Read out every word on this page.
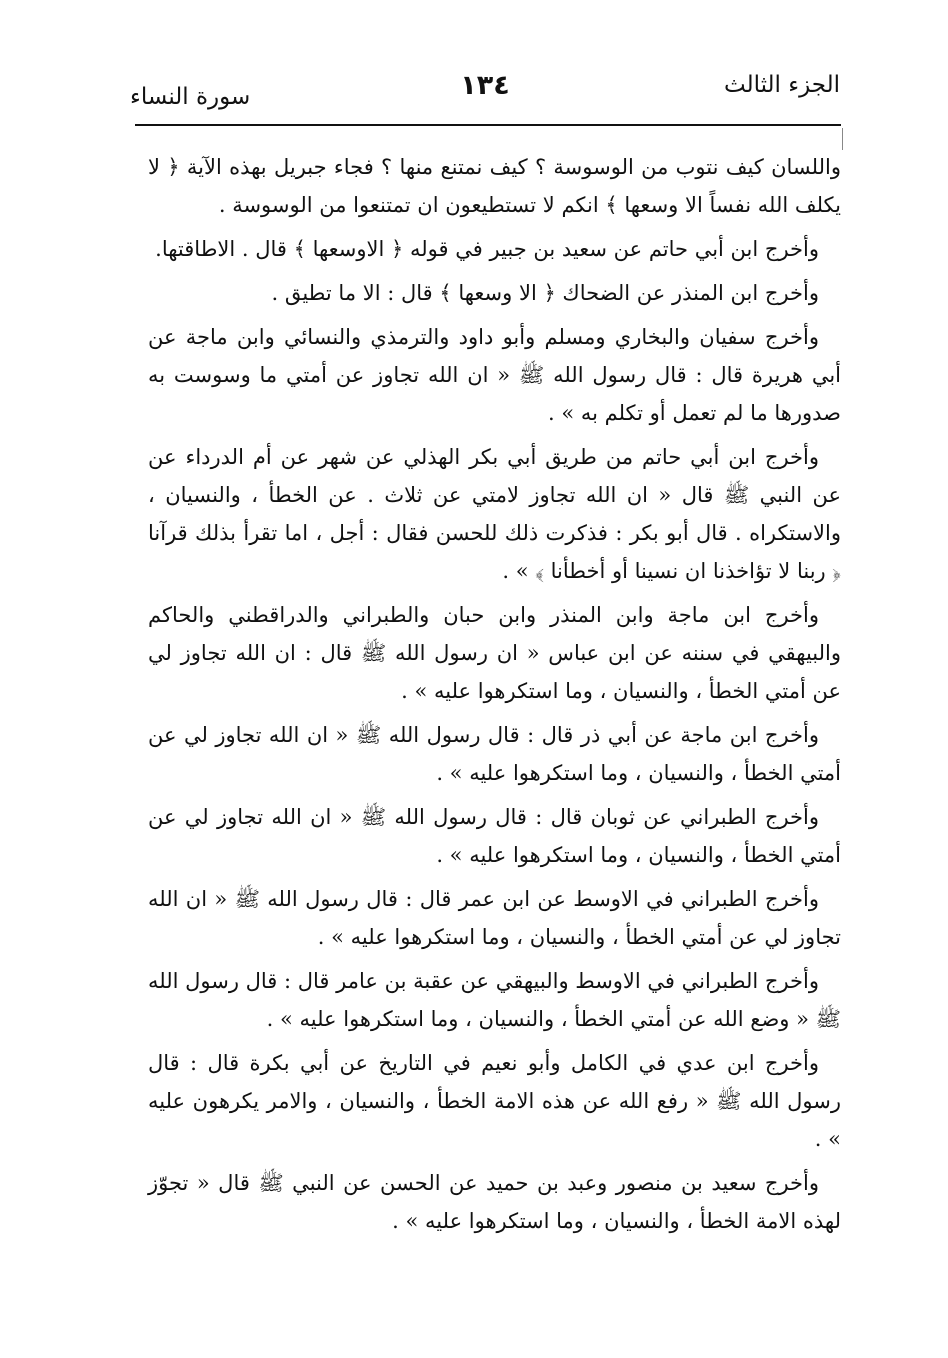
الجزء الثالث
١٣٤
سورة النساء

واللسان كيف نتوب من الوسوسة ؟ كيف نمتنع منها ؟ فجاء جبريل بهذه الآية ﴿ لا يكلف الله نفساً الا وسعها ﴾ انكم لا تستطيعون ان تمتنعوا من الوسوسة .

وأخرج ابن أبي حاتم عن سعيد بن جبير في قوله ﴿ الاوسعها ﴾ قال . الاطاقتها.

وأخرج ابن المنذر عن الضحاك ﴿ الا وسعها ﴾ قال : الا ما تطيق .

وأخرج سفيان والبخاري ومسلم وأبو داود والترمذي والنسائي وابن ماجة عن أبي هريرة قال : قال رسول الله ﷺ « ان الله تجاوز عن أمتي ما وسوست به صدورها ما لم تعمل أو تكلم به » .

وأخرج ابن أبي حاتم من طريق أبي بكر الهذلي عن شهر عن أم الدرداء عن عن النبي ﷺ قال « ان الله تجاوز لامتي عن ثلاث . عن الخطأ ، والنسيان ، والاستكراه . قال أبو بكر : فذكرت ذلك للحسن فقال : أجل ، اما تقرأ بذلك قرآنا ﴿ ربنا لا تؤاخذنا ان نسينا أو أخطأنا ﴾ » .

وأخرج ابن ماجة وابن المنذر وابن حبان والطبراني والدراقطني والحاكم والبيهقي في سننه عن ابن عباس « ان رسول الله ﷺ قال : ان الله تجاوز لي عن أمتي الخطأ ، والنسيان ، وما استكرهوا عليه » .

وأخرج ابن ماجة عن أبي ذر قال : قال رسول الله ﷺ « ان الله تجاوز لي عن أمتي الخطأ ، والنسيان ، وما استكرهوا عليه » .

وأخرج الطبراني عن ثوبان قال : قال رسول الله ﷺ « ان الله تجاوز لي عن أمتي الخطأ ، والنسيان ، وما استكرهوا عليه » .

وأخرج الطبراني في الاوسط عن ابن عمر قال : قال رسول الله ﷺ « ان الله تجاوز لي عن أمتي الخطأ ، والنسيان ، وما استكرهوا عليه » .

وأخرج الطبراني في الاوسط والبيهقي عن عقبة بن عامر قال : قال رسول الله ﷺ « وضع الله عن أمتي الخطأ ، والنسيان ، وما استكرهوا عليه » .

وأخرج ابن عدي في الكامل وأبو نعيم في التاريخ عن أبي بكرة قال : قال رسول الله ﷺ « رفع الله عن هذه الامة الخطأ ، والنسيان ، والامر يكرهون عليه » .

وأخرج سعيد بن منصور وعبد بن حميد عن الحسن عن النبي ﷺ قال « تجوّز لهذه الامة الخطأ ، والنسيان ، وما استكرهوا عليه » .
